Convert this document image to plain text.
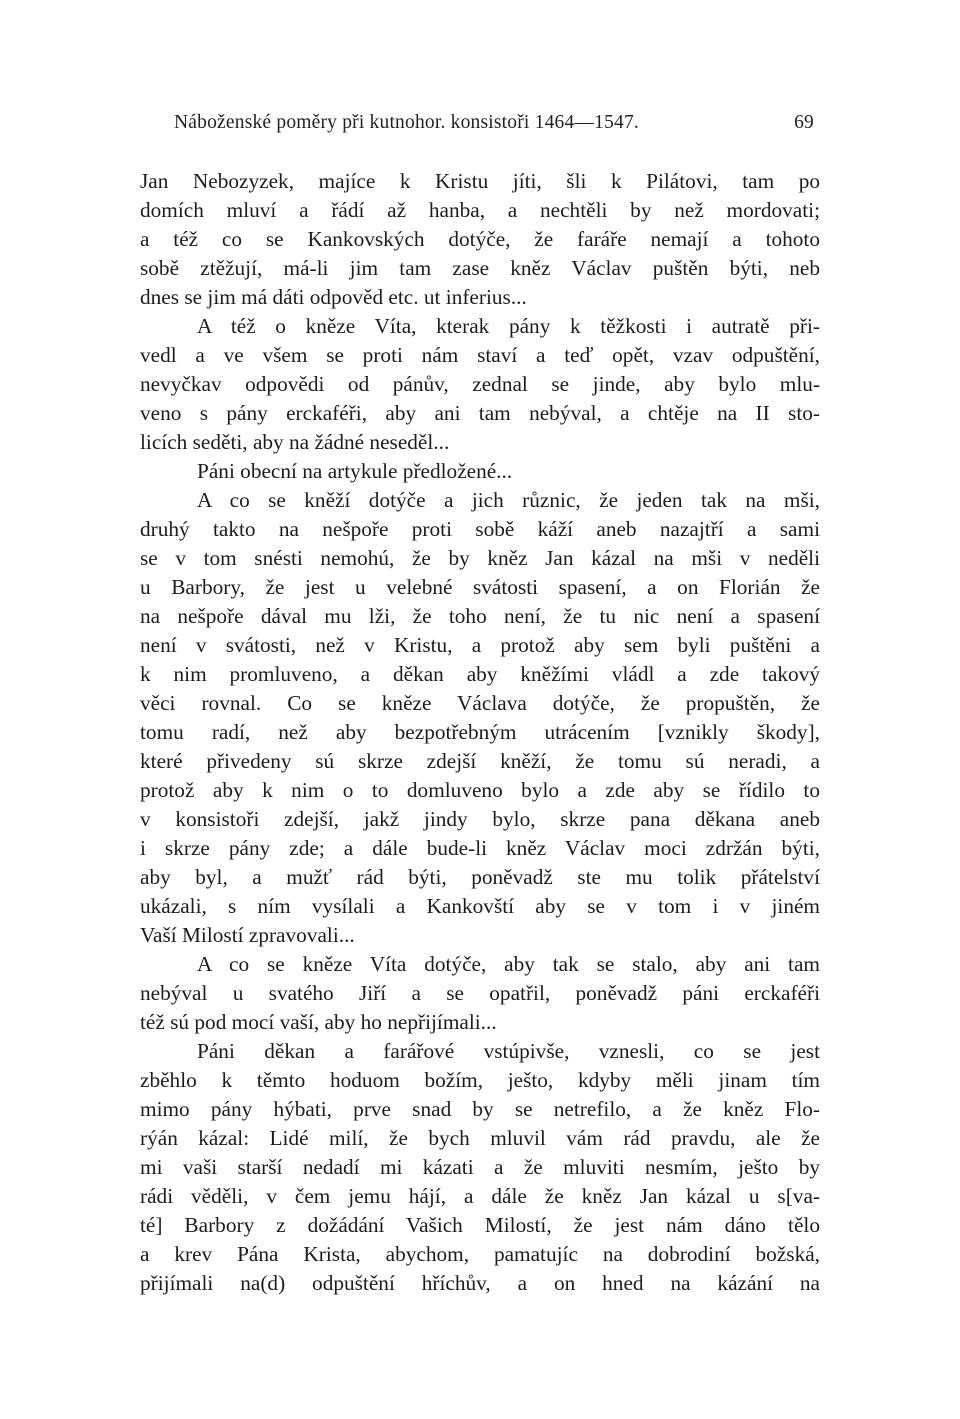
Náboženské poměry při kutnohor. konsistoři 1464—1547.	69
Jan Nebozyzek, majíce k Kristu jíti, šli k Pilátovi, tam po
domích mluví a řádí až hanba, a nechtěli by než mordovati;
a též co se Kankovských dotýče, že faráře nemají a tohoto
sobě ztěžují, má-li jim tam zase kněz Václav puštěn býti, neb
dnes se jim má dáti odpověd etc. ut inferius...
A též o kněze Víta, kterak pány k těžkosti i autratě při-
vedl a ve všem se proti nám staví a teď opět, vzav odpuštění,
nevyčkav odpovědi od pánův, zednal se jinde, aby bylo mlu-
veno s pány erckaféři, aby ani tam nebýval, a chtěje na II sto-
licích seděti, aby na žádné neseděl...
Páni obecní na artykule předložené...
A co se kněží dotýče a jich různic, že jeden tak na mši,
druhý takto na nešpoře proti sobě káží aneb nazajtří a sami
se v tom snésti nemohú, že by kněz Jan kázal na mši v neděli
u Barbory, že jest u velebné svátosti spasení, a on Florián že
na nešpoře dával mu lži, že toho není, že tu nic není a spasení
není v svátosti, než v Kristu, a protož aby sem byli puštěni a
k nim promluveno, a děkan aby kněžími vládl a zde takový
věci rovnal. Co se kněze Václava dotýče, že propuštěn, že
tomu radí, než aby bezpotřebným utrácením [vznikly škody],
které přivedeny sú skrze zdejší kněží, že tomu sú neradi, a
protož aby k nim o to domluveno bylo a zde aby se řídilo to
v konsistoři zdejší, jakž jindy bylo, skrze pana děkana aneb
i skrze pány zde; a dále bude-li kněz Václav moci zdržán býti,
aby byl, a mužť rád býti, poněvadž ste mu tolik přátelství
ukázali, s ním vysílali a Kankovští aby se v tom i v jiném
Vaší Milostí zpravovali...
A co se kněze Víta dotýče, aby tak se stalo, aby ani tam
nebýval u svatého Jiří a se opatřil, poněvadž páni erckaféři
též sú pod mocí vaší, aby ho nepřijímali...
Páni děkan a farářové vstúpivše, vznesli, co se jest
zběhlo k těmto hoduom božím, ješto, kdyby měli jinam tím
mimo pány hýbati, prve snad by se netrefilo, a že kněz Flo-
rýán kázal: Lidé milí, že bych mluvil vám rád pravdu, ale že
mi vaši starší nedadí mi kázati a že mluviti nesmím, ješto by
rádi věděli, v čem jemu hájí, a dále že kněz Jan kázal u s[va-
té] Barbory z dožádání Vašich Milostí, že jest nám dáno tělo
a krev Pána Krista, abychom, pamatujíc na dobrodiní božská,
přijímali na(d) odpuštění hříchův, a on hned na kázání na
